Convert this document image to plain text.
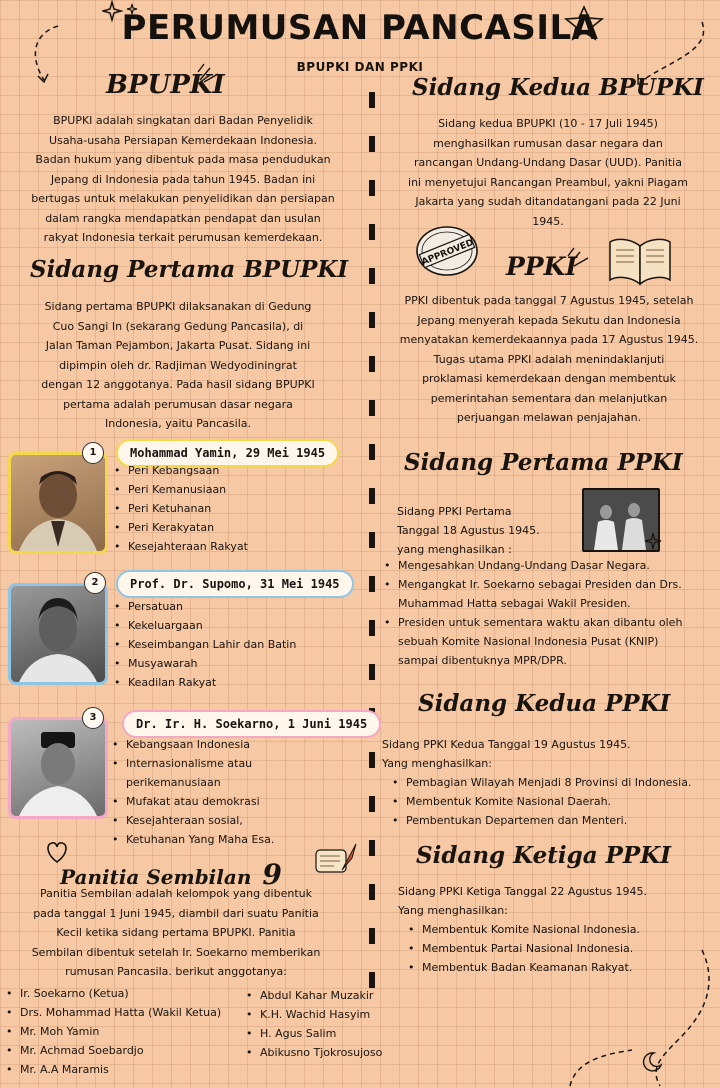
PERUMUSAN PANCASILA
BPUPKI DAN PPKI
BPUPKI
BPUPKI adalah singkatan dari Badan Penyelidik
Usaha-usaha Persiapan Kemerdekaan Indonesia.
Badan hukum yang dibentuk pada masa pendudukan
Jepang di Indonesia pada tahun 1945. Badan ini
bertugas untuk melakukan penyelidikan dan persiapan
dalam rangka mendapatkan pendapat dan usulan
rakyat Indonesia terkait perumusan kemerdekaan.
Sidang Pertama BPUPKI
Sidang pertama BPUPKI dilaksanakan di Gedung
Cuo Sangi In (sekarang Gedung Pancasila), di
Jalan Taman Pejambon, Jakarta Pusat. Sidang ini
dipimpin oleh dr. Radjiman Wedyodiningrat
dengan 12 anggotanya. Pada hasil sidang BPUPKI
pertama adalah perumusan dasar negara
Indonesia, yaitu Pancasila.
1	Mohammad Yamin, 29 Mei 1945
• Peri Kebangsaan
• Peri Kemanusiaan
• Peri Ketuhanan
• Peri Kerakyatan
• Kesejahteraan Rakyat
2	Prof. Dr. Supomo, 31 Mei 1945
• Persatuan
• Kekeluargaan
• Keseimbangan Lahir dan Batin
• Musyawarah
• Keadilan Rakyat
3	Dr. Ir. H. Soekarno, 1 Juni 1945
• Kebangsaan Indonesia
• Internasionalisme atau
perikemanusiaan
• Mufakat atau demokrasi
• Kesejahteraan sosial,
• Ketuhanan Yang Maha Esa.
Panitia Sembilan 9
Panitia Sembilan adalah kelompok yang dibentuk
pada tanggal 1 Juni 1945, diambil dari suatu Panitia
Kecil ketika sidang pertama BPUPKI. Panitia
Sembilan dibentuk setelah Ir. Soekarno memberikan
rumusan Pancasila. berikut anggotanya:
• Ir. Soekarno (Ketua)
• Drs. Mohammad Hatta (Wakil Ketua)
• Mr. Moh Yamin
• Mr. Achmad Soebardjo
• Mr. A.A Maramis
• Abdul Kahar Muzakir
• K.H. Wachid Hasyim
• H. Agus Salim
• Abikusno Tjokrosujoso
Sidang Kedua BPUPKI
Sidang kedua BPUPKI (10 - 17 Juli 1945)
menghasilkan rumusan dasar negara dan
rancangan Undang-Undang Dasar (UUD). Panitia
ini menyetujui Rancangan Preambul, yakni Piagam
Jakarta yang sudah ditandatangani pada 22 Juni
1945.
APPROVED PPKI
PPKI dibentuk pada tanggal 7 Agustus 1945, setelah
Jepang menyerah kepada Sekutu dan Indonesia
menyatakan kemerdekaannya pada 17 Agustus 1945.
Tugas utama PPKI adalah menindaklanjuti
proklamasi kemerdekaan dengan membentuk
pemerintahan sementara dan melanjutkan
perjuangan melawan penjajahan.
Sidang Pertama PPKI
Sidang PPKI Pertama
Tanggal 18 Agustus 1945.
yang menghasilkan :
• Mengesahkan Undang-Undang Dasar Negara.
• Mengangkat Ir. Soekarno sebagai Presiden dan Drs.
Muhammad Hatta sebagai Wakil Presiden.
• Presiden untuk sementara waktu akan dibantu oleh
sebuah Komite Nasional Indonesia Pusat (KNIP)
sampai dibentuknya MPR/DPR.
Sidang Kedua PPKI
Sidang PPKI Kedua Tanggal 19 Agustus 1945.
Yang menghasilkan:
• Pembagian Wilayah Menjadi 8 Provinsi di Indonesia.
• Membentuk Komite Nasional Daerah.
• Pembentukan Departemen dan Menteri.
Sidang Ketiga PPKI
Sidang PPKI Ketiga Tanggal 22 Agustus 1945.
Yang menghasilkan:
• Membentuk Komite Nasional Indonesia.
• Membentuk Partai Nasional Indonesia.
• Membentuk Badan Keamanan Rakyat.
